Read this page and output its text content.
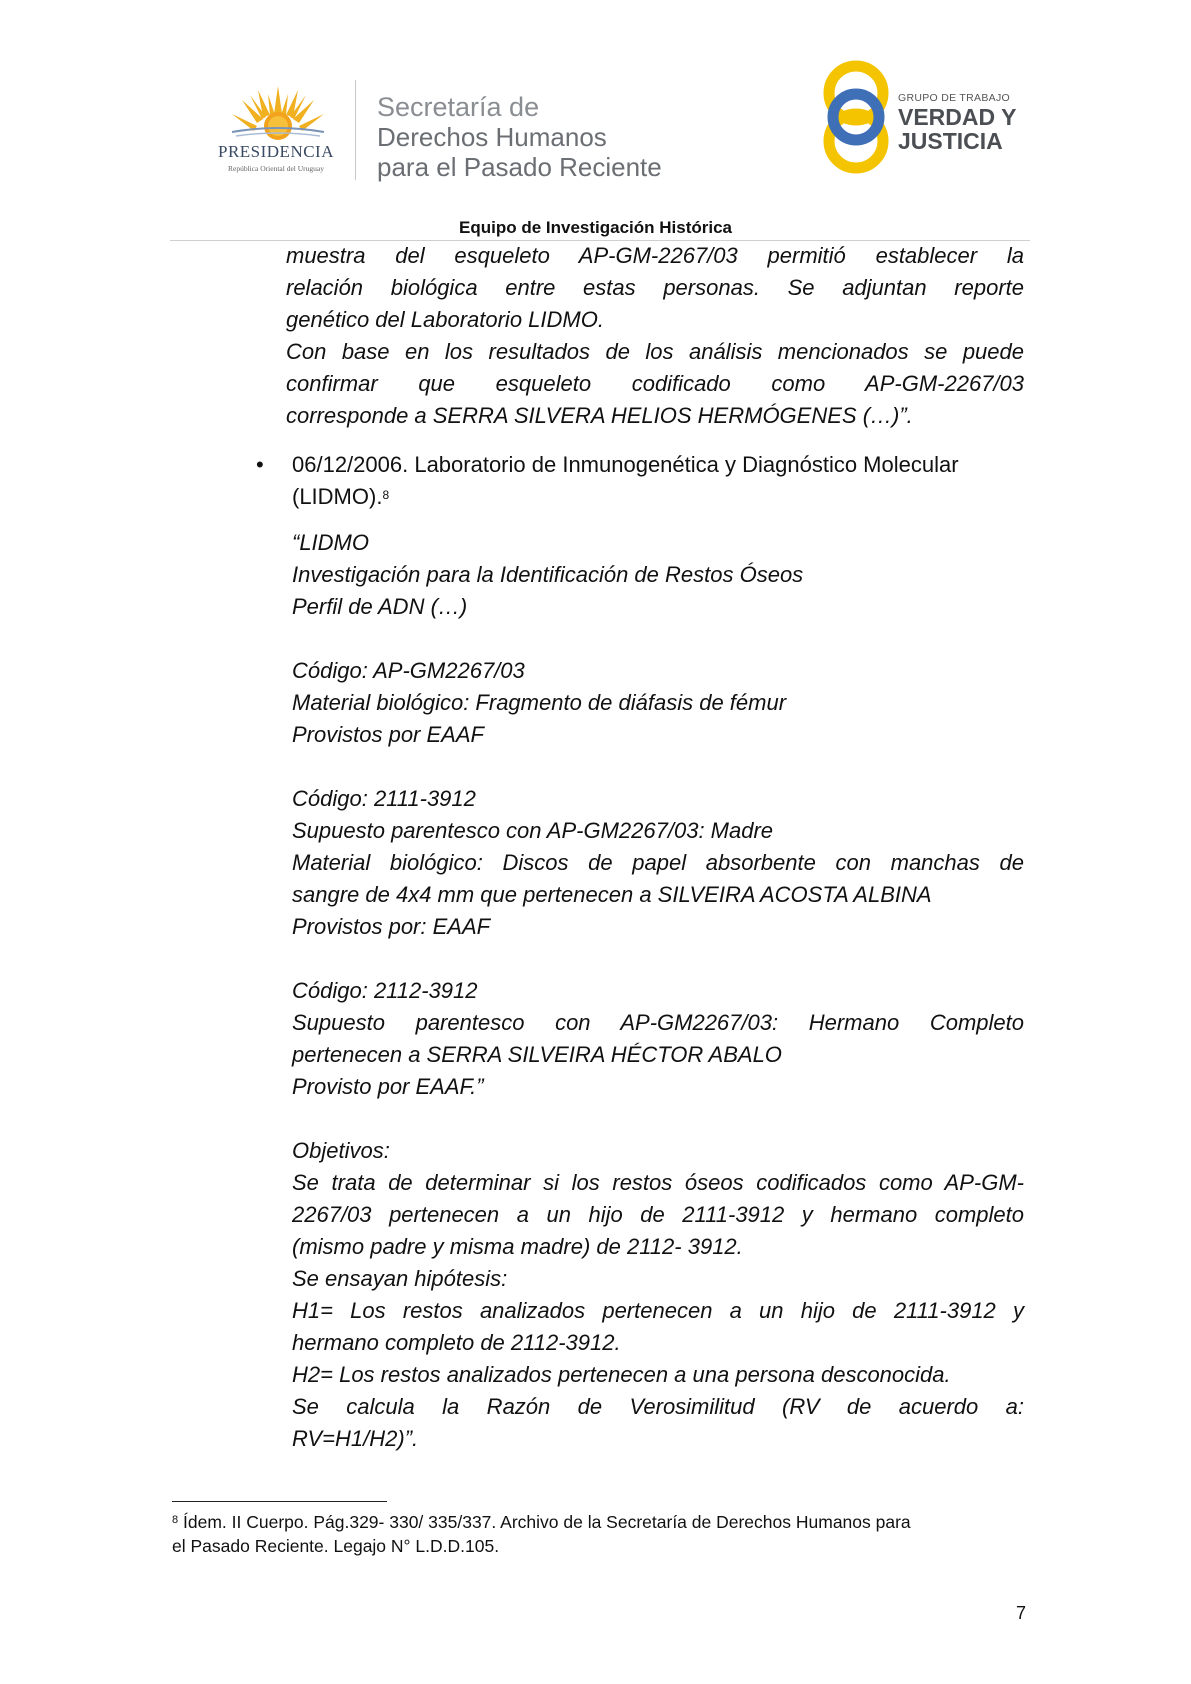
PRESIDENCIA
República Oriental del Uruguay
Secretaría de
Derechos Humanos
para el Pasado Reciente
GRUPO DE TRABAJO
VERDAD Y
JUSTICIA
Equipo de Investigación Histórica
muestra del esqueleto AP-GM-2267/03 permitió establecer la
relación biológica entre estas personas. Se adjuntan reporte
genético del Laboratorio LIDMO.
Con base en los resultados de los análisis mencionados se puede
confirmar que esqueleto codificado como AP-GM-2267/03
corresponde a SERRA SILVERA HELIOS HERMÓGENES (…)”.
• 06/12/2006. Laboratorio de Inmunogenética y Diagnóstico Molecular
(LIDMO).$^8$
“LIDMO
Investigación para la Identificación de Restos Óseos
Perfil de ADN (…)
Código: AP-GM2267/03
Material biológico: Fragmento de diáfasis de fémur
Provistos por EAAF
Código: 2111-3912
Supuesto parentesco con AP-GM2267/03: Madre
Material biológico: Discos de papel absorbente con manchas de
sangre de 4x4 mm que pertenecen a SILVEIRA ACOSTA ALBINA
Provistos por: EAAF
Código: 2112-3912
Supuesto parentesco con AP-GM2267/03: Hermano Completo
pertenecen a SERRA SILVEIRA HÉCTOR ABALO
Provisto por EAAF.”
Objetivos:
Se trata de determinar si los restos óseos codificados como AP-GM-
2267/03 pertenecen a un hijo de 2111-3912 y hermano completo
(mismo padre y misma madre) de 2112- 3912.
Se ensayan hipótesis:
H1= Los restos analizados pertenecen a un hijo de 2111-3912 y
hermano completo de 2112-3912.
H2= Los restos analizados pertenecen a una persona desconocida.
Se calcula la Razón de Verosimilitud (RV de acuerdo a:
RV=H1/H2)”.
$^8$ Ídem. II Cuerpo. Pág.329- 330/ 335/337. Archivo de la Secretaría de Derechos Humanos para
el Pasado Reciente. Legajo N° L.D.D.105.
7
